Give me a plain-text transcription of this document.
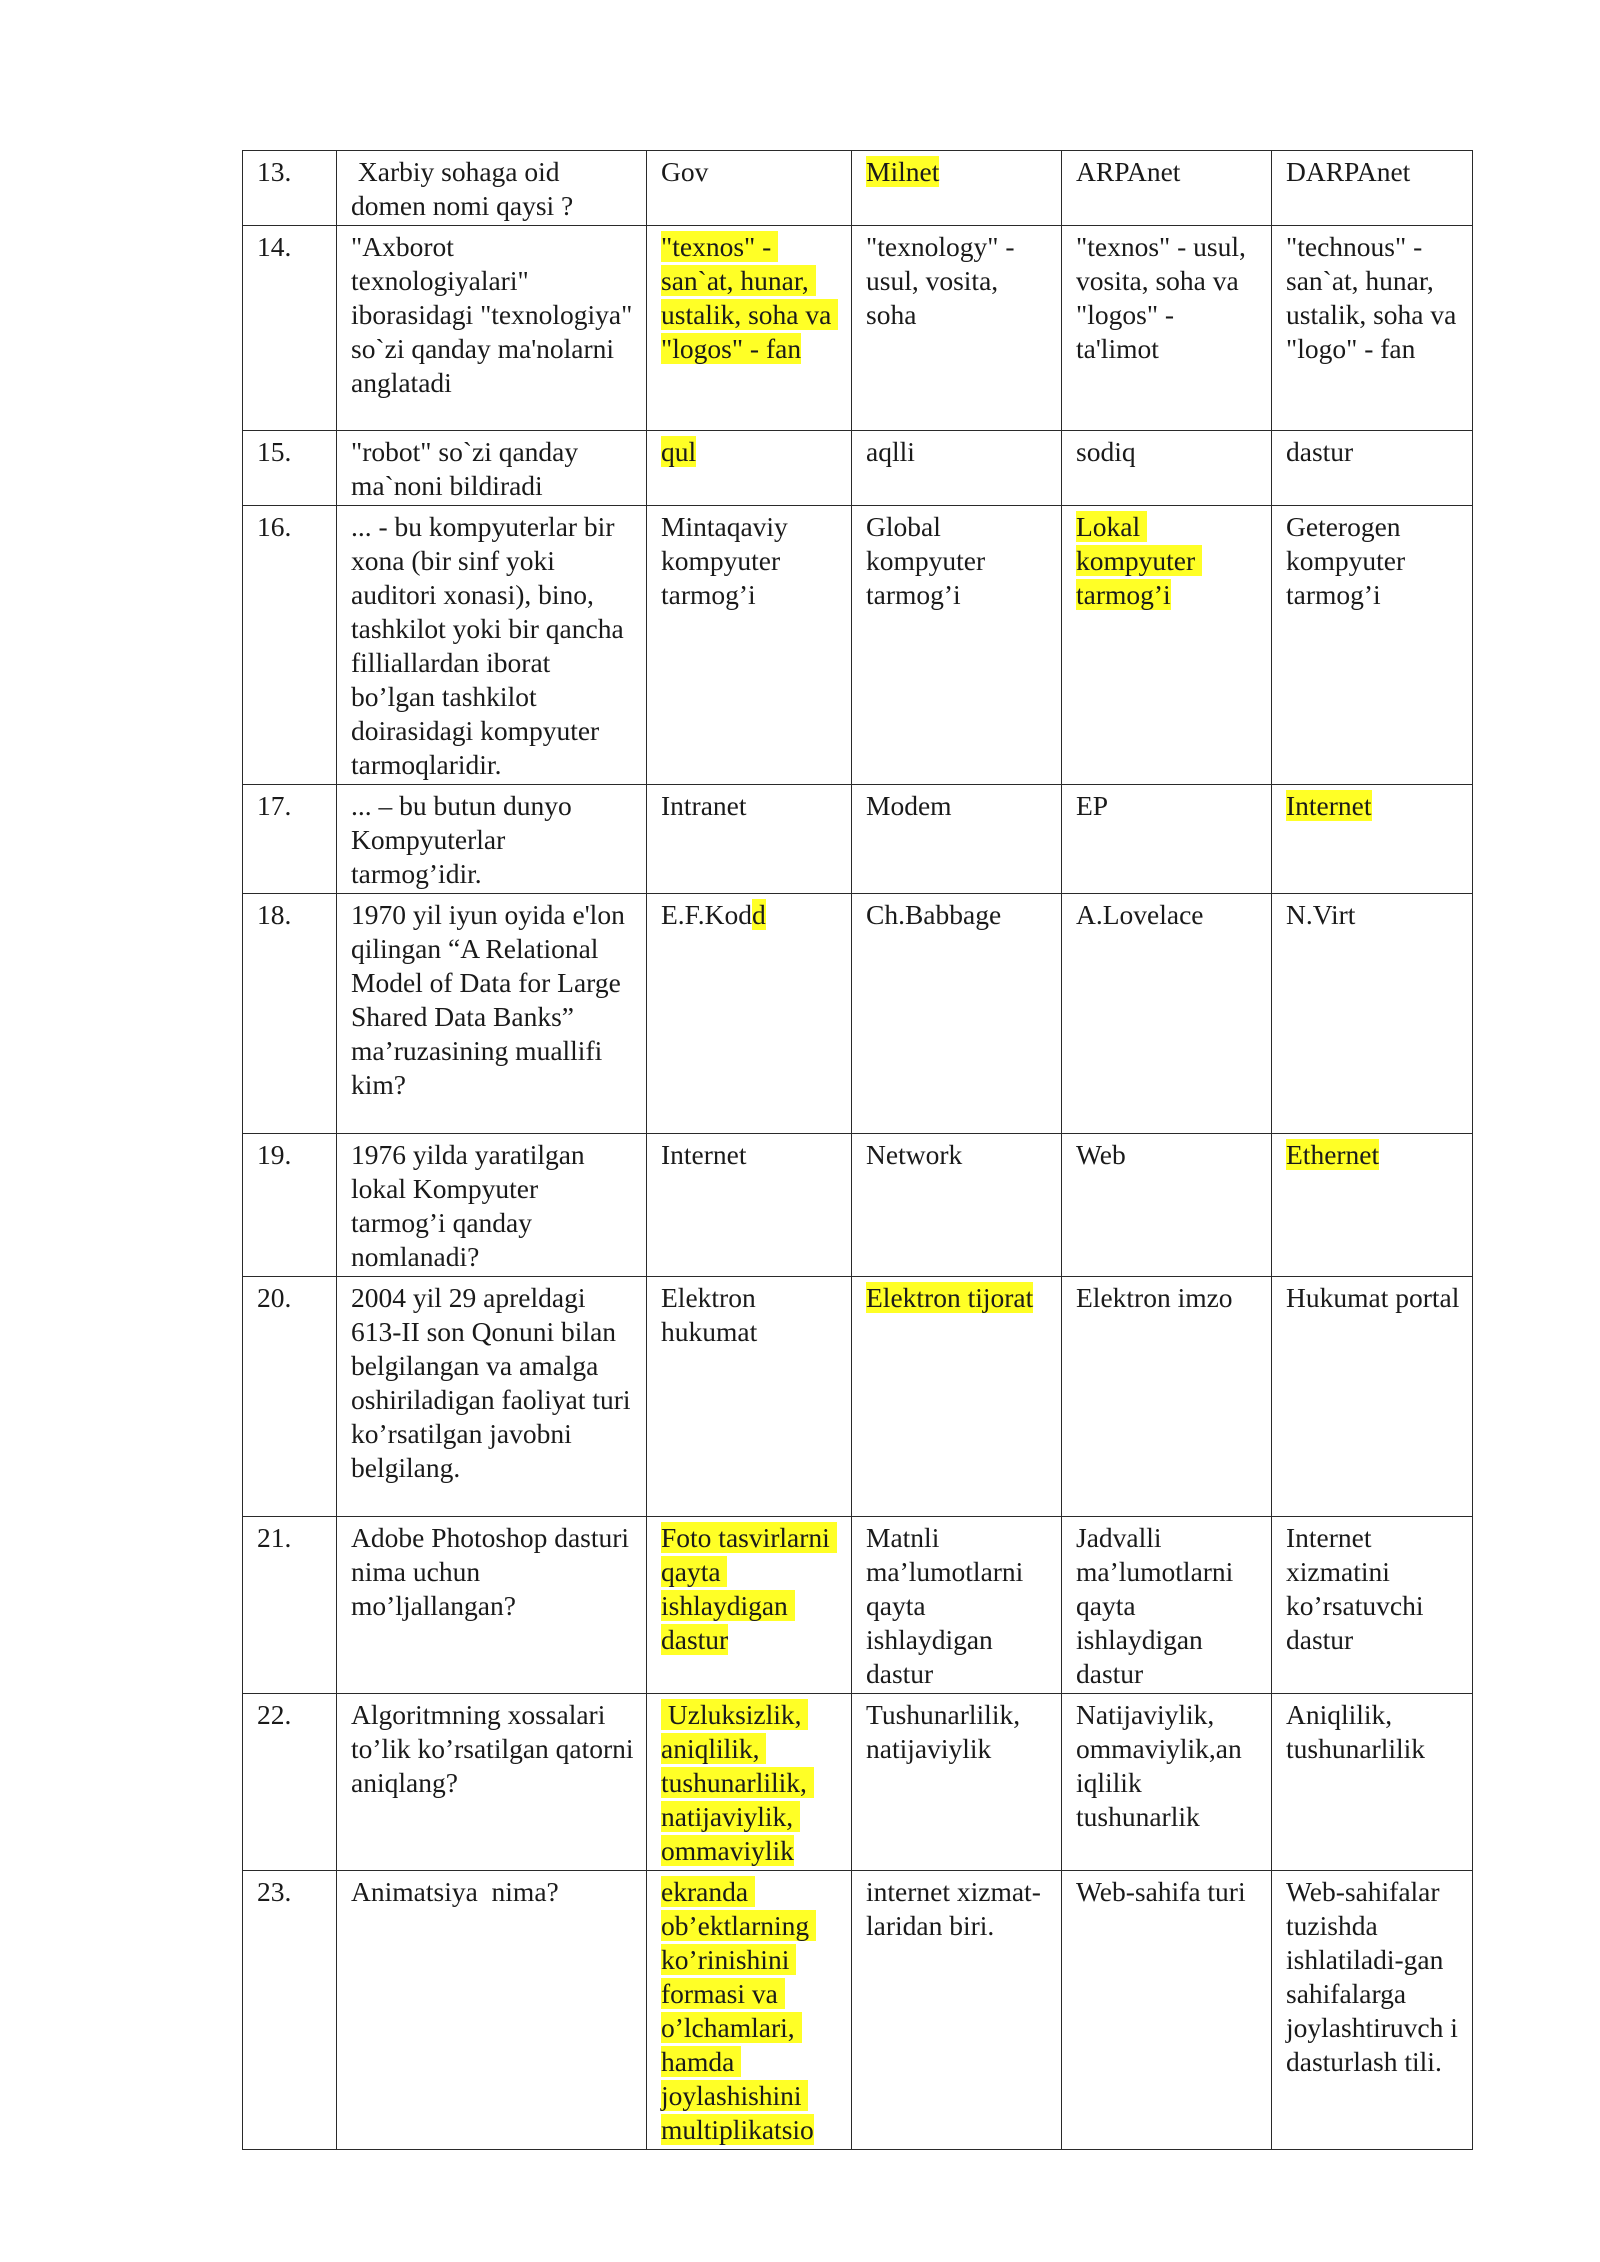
13.	Xarbiy sohaga oid domen nomi qaysi ?	Gov	Milnet	ARPAnet	DARPAnet
14.	"Axborot texnologiyalari" iborasidagi "texnologiya" so`zi qanday ma'nolarni anglatadi	"texnos" - san`at, hunar, ustalik, soha va "logos" - fan	"texnology" - usul, vosita, soha	"texnos" - usul, vosita, soha va "logos" - ta'limot	"technous" - san`at, hunar, ustalik, soha va "logo" - fan
15.	"robot" so`zi qanday ma`noni bildiradi	qul	aqlli	sodiq	dastur
16.	... - bu kompyuterlar bir xona (bir sinf yoki auditori xonasi), bino, tashkilot yoki bir qancha filliallardan iborat bo’lgan tashkilot doirasidagi kompyuter tarmoqlaridir.	Mintaqaviy kompyuter tarmog’i	Global kompyuter tarmog’i	Lokal kompyuter tarmog’i	Geterogen kompyuter tarmog’i
17.	... – bu butun dunyo Kompyuterlar tarmog’idir.	Intranet	Modem	EP	Internet
18.	1970 yil iyun oyida e'lon qilingan “A Relational Model of Data for Large Shared Data Banks” ma’ruzasining muallifi kim?	E.F.Kodd	Ch.Babbage	A.Lovelace	N.Virt
19.	1976 yilda yaratilgan lokal Kompyuter tarmog’i qanday nomlanadi?	Internet	Network	Web	Ethernet
20.	2004 yil 29 apreldagi 613-II son Qonuni bilan belgilangan va amalga oshiriladigan faoliyat turi ko’rsatilgan javobni belgilang.	Elektron hukumat	Elektron tijorat	Elektron imzo	Hukumat portal
21.	Adobe Photoshop dasturi nima uchun mo’ljallangan?	Foto tasvirlarni qayta ishlaydigan dastur	Matnli ma’lumotlarni qayta ishlaydigan dastur	Jadvalli ma’lumotlarni qayta ishlaydigan dastur	Internet xizmatini ko’rsatuvchi dastur
22.	Algoritmning xossalari to’lik ko’rsatilgan qatorni aniqlang?	Uzluksizlik, aniqlilik, tushunarlilik, natijaviylik, ommaviylik	Tushunarlilik, natijaviylik	Natijaviylik, ommaviylik,an iqlilik tushunarlik	Aniqlilik, tushunarlilik
23.	Animatsiya  nima?	ekranda ob’ektlarning ko’rinishini formasi va o’lchamlari, hamda joylashishini multiplikatsio	internet xizmat-laridan biri.	Web-sahifa turi	Web-sahifalar tuzishda ishlatiladi-gan sahifalarga joylashtiruvch i dasturlash tili.
